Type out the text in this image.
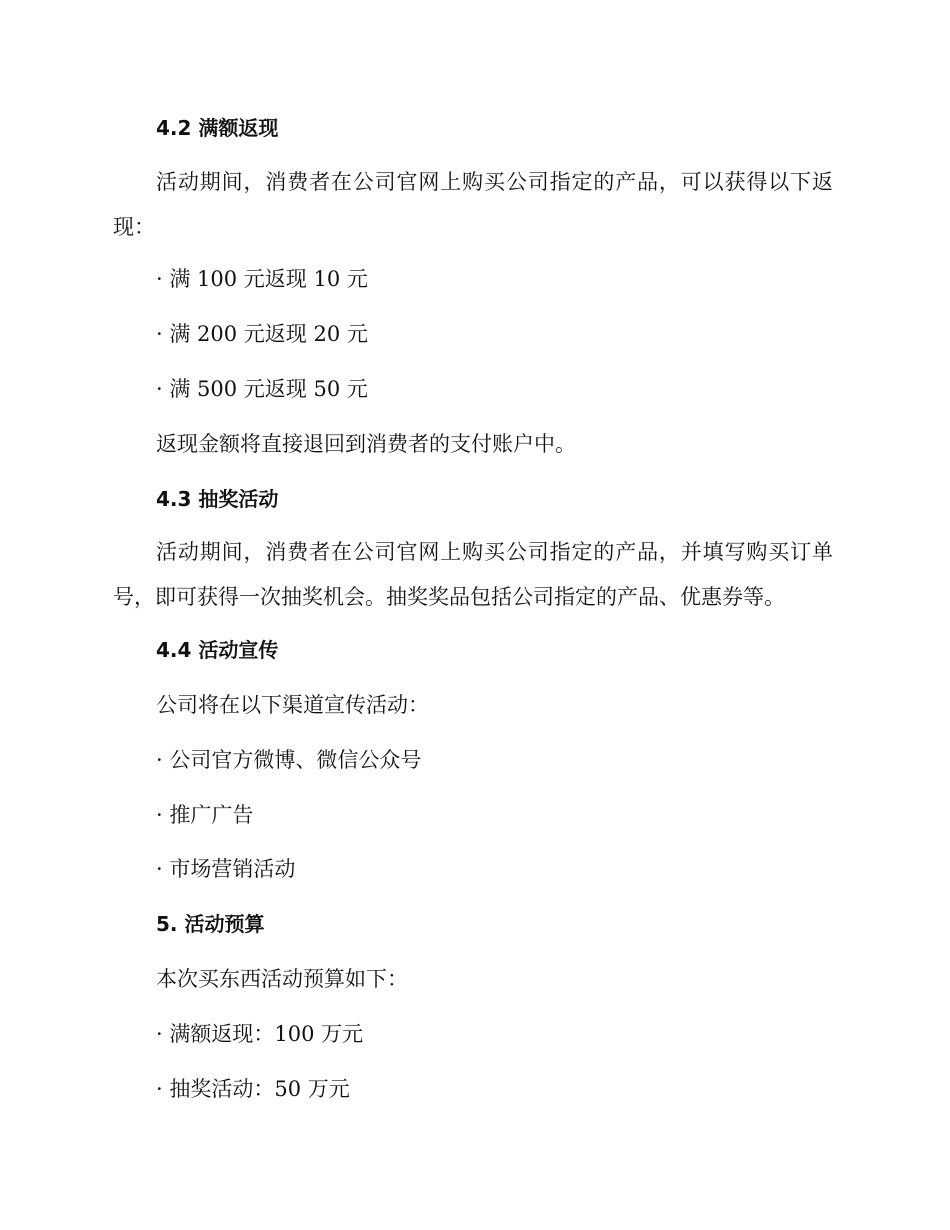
4.2 满额返现
活动期间，消费者在公司官网上购买公司指定的产品，可以获得以下返现：
· 满 100 元返现 10 元
· 满 200 元返现 20 元
· 满 500 元返现 50 元
返现金额将直接退回到消费者的支付账户中。
4.3 抽奖活动
活动期间，消费者在公司官网上购买公司指定的产品，并填写购买订单号，即可获得一次抽奖机会。抽奖奖品包括公司指定的产品、优惠券等。
4.4 活动宣传
公司将在以下渠道宣传活动：
· 公司官方微博、微信公众号
· 推广广告
· 市场营销活动
5. 活动预算
本次买东西活动预算如下：
· 满额返现：100 万元
· 抽奖活动：50 万元
